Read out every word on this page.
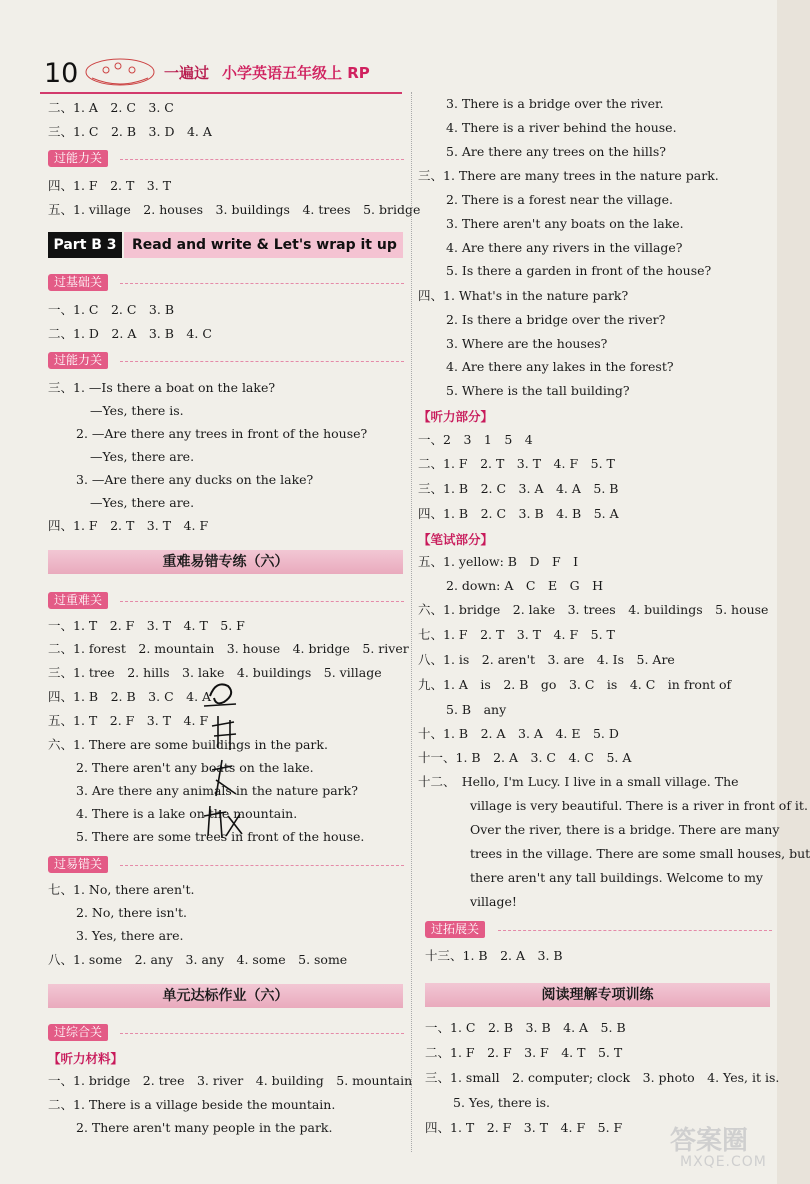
10	一遍过 小学英语五年级上 RP
二、1. A　2. C　3. C
三、1. C　2. B　3. D　4. A
过能力关
四、1. F　2. T　3. T
五、1. village　2. houses　3. buildings　4. trees　5. bridge
Part B 3	Read and write & Let's wrap it up
过基础关
一、1. C　2. C　3. B
二、1. D　2. A　3. B　4. C
过能力关
三、1. —Is there a boat on the lake?
—Yes, there is.
2. —Are there any trees in front of the house?
—Yes, there are.
3. —Are there any ducks on the lake?
—Yes, there are.
四、1. F　2. T　3. T　4. F
重难易错专练（六）
过重难关
一、1. T　2. F　3. T　4. T　5. F
二、1. forest　2. mountain　3. house　4. bridge　5. river
三、1. tree　2. hills　3. lake　4. buildings　5. village
四、1. B　2. B　3. C　4. A
五、1. T　2. F　3. T　4. F
六、1. There are some buildings in the park.
2. There aren't any boats on the lake.
3. Are there any animals in the nature park?
4. There is a lake on the mountain.
5. There are some trees in front of the house.
过易错关
七、1. No, there aren't.
2. No, there isn't.
3. Yes, there are.
八、1. some　2. any　3. any　4. some　5. some
单元达标作业（六）
过综合关
【听力材料】
一、1. bridge　2. tree　3. river　4. building　5. mountain
二、1. There is a village beside the mountain.
2. There aren't many people in the park.
3. There is a bridge over the river.
4. There is a river behind the house.
5. Are there any trees on the hills?
三、1. There are many trees in the nature park.
2. There is a forest near the village.
3. There aren't any boats on the lake.
4. Are there any rivers in the village?
5. Is there a garden in front of the house?
四、1. What's in the nature park?
2. Is there a bridge over the river?
3. Where are the houses?
4. Are there any lakes in the forest?
5. Where is the tall building?
【听力部分】
一、2　3　1　5　4
二、1. F　2. T　3. T　4. F　5. T
三、1. B　2. C　3. A　4. A　5. B
四、1. B　2. C　3. B　4. B　5. A
【笔试部分】
五、1. yellow: B　D　F　I
2. down: A　C　E　G　H
六、1. bridge　2. lake　3. trees　4. buildings　5. house
七、1. F　2. T　3. T　4. F　5. T
八、1. is　2. aren't　3. are　4. Is　5. Are
九、1. A　is　2. B　go　3. C　is　4. C　in front of
5. B　any
十、1. B　2. A　3. A　4. E　5. D
十一、1. B　2. A　3. C　4. C　5. A
十二、　Hello, I'm Lucy. I live in a small village. The
village is very beautiful. There is a river in front of it.
Over the river, there is a bridge. There are many
trees in the village. There are some small houses, but
there aren't any tall buildings. Welcome to my
village!
过拓展关
十三、1. B　2. A　3. B
阅读理解专项训练
一、1. C　2. B　3. B　4. A　5. B
二、1. F　2. F　3. F　4. T　5. T
三、1. small　2. computer; clock　3. photo　4. Yes, it is.
5. Yes, there is.
四、1. T　2. F　3. T　4. F　5. F 答案圈
MXQE.COM
